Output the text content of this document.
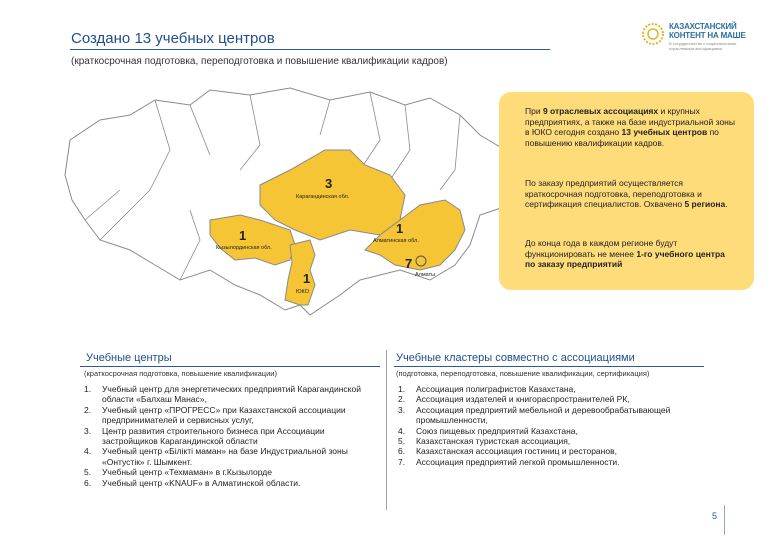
Создано 13 учебных центров
(краткосрочная подготовка, переподготовка и повышение квалификации кадров)
КАЗАХСТАНСКИЙ
КОНТЕНТ НА МАШЕ
В сотрудничестве с национальными отраслевыми ассоциациями
3
Карагандинская обл.
1
Кызылординская обл.
1
Алматинская обл.
1
ЮКО
7
Алматы

При 9 отраслевых ассоциациях и крупных предприятиях, а также на базе индустриальной зоны в ЮКО сегодня создано 13 учебных центров по повышению квалификации кадров.

По заказу предприятий осуществляется краткосрочная подготовка, переподготовка и сертификация специалистов. Охвачено 5 региона.

До конца года в каждом регионе будут функционировать не менее 1-го учебного центра по заказу предприятий

Учебные центры
(краткосрочная подготовка, повышение квалификации)
1. Учебный центр для энергетических предприятий Карагандинской области «Балхаш Манас»,
2. Учебный центр «ПРОГРЕСС» при Казахстанской ассоциации предпринимателей и сервисных услуг,
3. Центр развития строительного бизнеса при Ассоциации застройщиков Карагандинской области
4. Учебный центр «Білікті маман» на базе Индустриальной зоны «Онтустік» г. Шымкент.
5. Учебный центр «Техмаман» в г.Кызылорде
6. Учебный центр «KNAUF» в Алматинской области.
Учебные кластеры совместно с ассоциациями
(подготовка, переподготовка, повышение квалификации, сертификация)
1. Ассоциация полиграфистов Казахстана,
2. Ассоциация издателей и книгораспространителей РК,
3. Ассоциация предприятий мебельной и деревообрабатывающей промышленности,
4. Союз пищевых предприятий Казахстана,
5. Казахстанская туристская ассоциация,
6. Казахстанская ассоциация гостиниц и ресторанов,
7. Ассоциация предприятий легкой промышленности.
5
